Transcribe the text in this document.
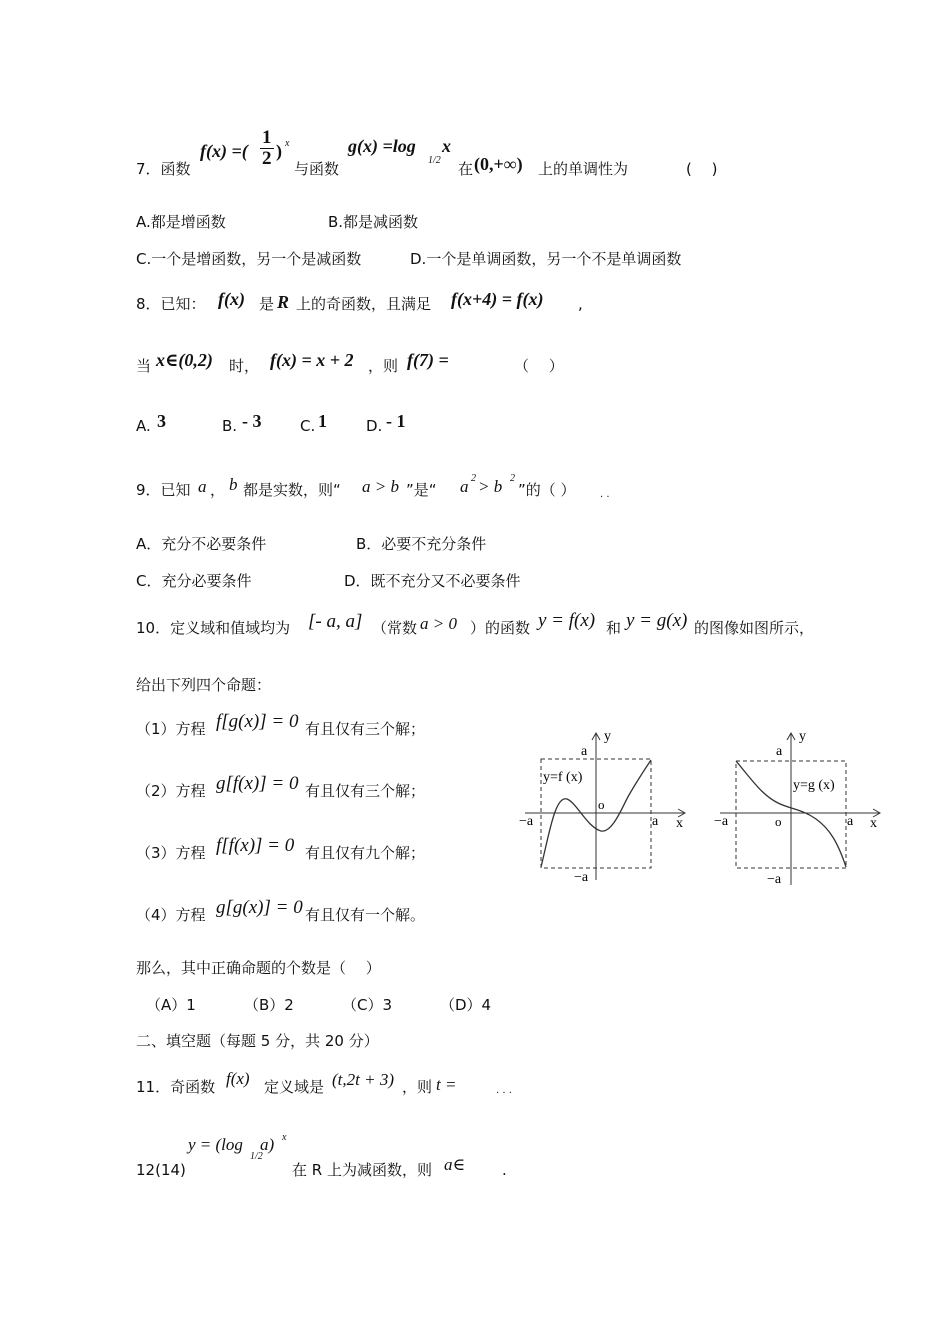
7．函数
f(x) =( $\frac{1}{2}$ ) x
与函数
g(x) =log
1/2
x
在 (0,+∞) 上的单调性为	(　 )
A.都是增函数	B.都是减函数
C.一个是增函数，另一个是减函数	D.一个是单调函数，另一个不是单调函数
8．已知： f(x) 是 R 上的奇函数，且满足 f(x+4) = f(x) ,
当 x∈(0,2) 时， f(x) = x + 2 ，则 f(7) =	（　 ）
A. 3	B. - 3	C. 1	D. - 1
9．已知 a ， b 都是实数，则“ a > b ”是“ a 2 > b 2
”的（ ） . .
A．充分不必要条件	B．必要不充分条件
C．充分必要条件	D．既不充分又不必要条件
10．定义域和值域均为 [- a, a] （常数 a > 0 ）的函数 y = f(x) 和 y = g(x) 的图像如图所示，
给出下列四个命题：
（1）方程 f[g(x)] = 0 有且仅有三个解；
（2）方程 g[f(x)] = 0 有且仅有三个解；
（3）方程 f[f(x)] = 0 有且仅有九个解；
（4）方程 g[g(x)] = 0 有且仅有一个解。
那么，其中正确命题的个数是（　 ）
（A）1	（B）2	（C）3	（D）4
y=f (x)
a
y
o
−a	a x
−a
y=g (x)
a
y
o
−a	a x
−a
二、填空题（每题 5 分，共 20 分）
11．奇函数 f(x) 定义域是 (t,2t + 3) ，则 t =	. . .
12(14)
y = (log
1/2
a) x
在 R 上为减函数，则 a∈ .
